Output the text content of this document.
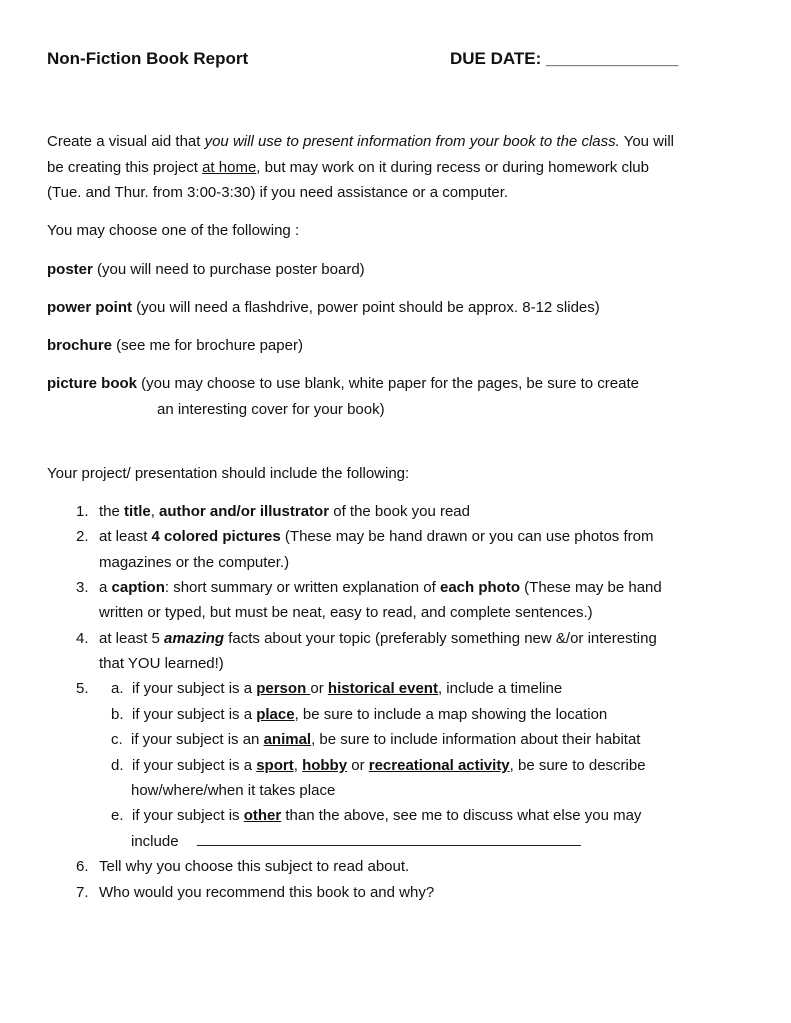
Non-Fiction Book Report	DUE DATE: ______________
Create a visual aid that you will use to present information from your book to the class. You will
be creating this project at home, but may work on it during recess or during homework club
(Tue. and Thur. from 3:00-3:30) if you need assistance or a computer.
You may choose one of the following :
poster (you will need to purchase poster board)
power point (you will need a flashdrive, power point should be approx. 8-12 slides)
brochure (see me for brochure paper)
picture book (you may choose to use blank, white paper for the pages, be sure to create
an interesting cover for your book)
Your project/ presentation should include the following:
1. the title, author and/or illustrator of the book you read
2. at least 4 colored pictures (These may be hand drawn or you can use photos from
magazines or the computer.)
3. a caption: short summary or written explanation of each photo (These may be hand
written or typed, but must be neat, easy to read, and complete sentences.)
4. at least 5 amazing facts about your topic (preferably something new &/or interesting
that YOU learned!)
5. a. if your subject is a person or historical event, include a timeline
b. if your subject is a place, be sure to include a map showing the location
c. if your subject is an animal, be sure to include information about their habitat
d. if your subject is a sport, hobby or recreational activity, be sure to describe
how/where/when it takes place
e. if your subject is other than the above, see me to discuss what else you may
include ______________________________________________
6. Tell why you choose this subject to read about.
7. Who would you recommend this book to and why?
